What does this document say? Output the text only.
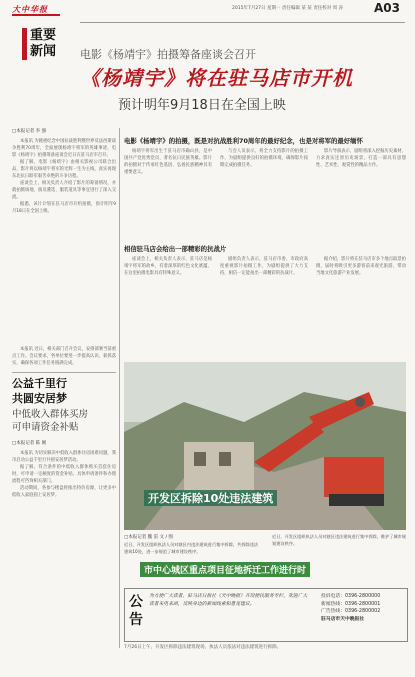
大中华报
重要
新闻
2015年7月27日 星期一 责任编辑 某 某 责任校对 周 涛	A03
电影《杨靖宇》拍摄筹备座谈会召开
《杨靖宇》将在驻马店市开机
预计明年9月18日在全国上映
□本报记者 李 强

本报讯 为隆重纪念中国抗战胜利暨世界反法西斯战争胜利70周年，全面展现杨靖宇将军的英雄事迹，电影《杨靖宇》拍摄筹备座谈会近日在驻马店市召开。

据了解，电影《杨靖宇》由相关影视公司联合出品，影片将以杨靖宇将军的光辉一生为主线，真实再现东北抗日联军艰苦卓绝的斗争历程。

座谈会上，相关负责人介绍了影片的筹备情况，并就拍摄场地、演员遴选、服装道具等事宜进行了深入交流。

据悉，该片计划在驻马店市开机拍摄，预计明年9月18日在全国上映。

电影《杨靖宇》的拍摄，既是对抗战胜利70周年的最好纪念，也是对将军的最好缅怀

杨靖宇将军出生于驻马店市确山县，是中国共产党优秀党员、著名抗日民族英雄。影片的拍摄对于传承红色基因、弘扬民族精神具有重要意义。

与会人员表示，将全力支持影片的拍摄工作，为剧组提供良好的拍摄环境，确保影片按期完成拍摄任务。

影片导演表示，剧组将深入挖掘历史素材，力求真实还原历史场景，打造一部具有思想性、艺术性、观赏性的精品力作。

相信驻马店会给出一部精彩的抗战片

座谈会上，相关负责人表示，驻马店是杨靖宇将军的故乡，有着深厚的红色文化底蕴，在这里拍摄电影具有特殊意义。

剧组负责人表示，驻马店市委、市政府高度重视影片拍摄工作，为剧组提供了大力支持，相信一定能拍出一部精彩的抗战片。

据介绍，影片将在驻马店市多个地点取景拍摄，届时将吸引更多游客前来观光旅游，带动当地文化旅游产业发展。

本报讯 近日，相关部门召开会议，安排部署当前重点工作。会议要求，各单位要进一步提高认识，狠抓落实，确保各项工作任务圆满完成。

公益千里行
共圆安居梦
中低收入群体买房
可申请资金补贴
□本报记者 陈 刚

本报讯 为切实解决中低收入群体住房困难问题，我市启动公益千里行共圆安居梦活动。

据了解，符合条件的中低收入群体购买首套住房时，可申请一定额度的资金补贴，具体申请条件和办理流程可咨询相关部门。

活动期间，各参与楼盘将推出特价房源，让更多中低收入家庭圆上安居梦。	开发区拆除10处违法建筑
□本报记者 魏 雷 文 / 图
近日，开发区组织执法人员对辖区内违法建筑进行集中拆除，共拆除违法建筑10处，进一步规范了城市建设秩序。
近日，开发区组织执法人员对辖区违法建筑进行集中拆除，维护了城市规划建设秩序。
市中心城区重点项目征地拆迁工作进行时
公告
为方便广大读者，驻马店日报社《天中晚报》开设便民服务专栏，欢迎广大读者来电来函，反映身边的新闻线索和意见建议。
投诉电话：0396-2800000
新闻热线：0396-2800001
广告热线：0396-2800002
驻马店市天中晚报社
7月26日上午，开发区拆除违法建筑现场，执法人员依法对违法建筑进行拆除。
